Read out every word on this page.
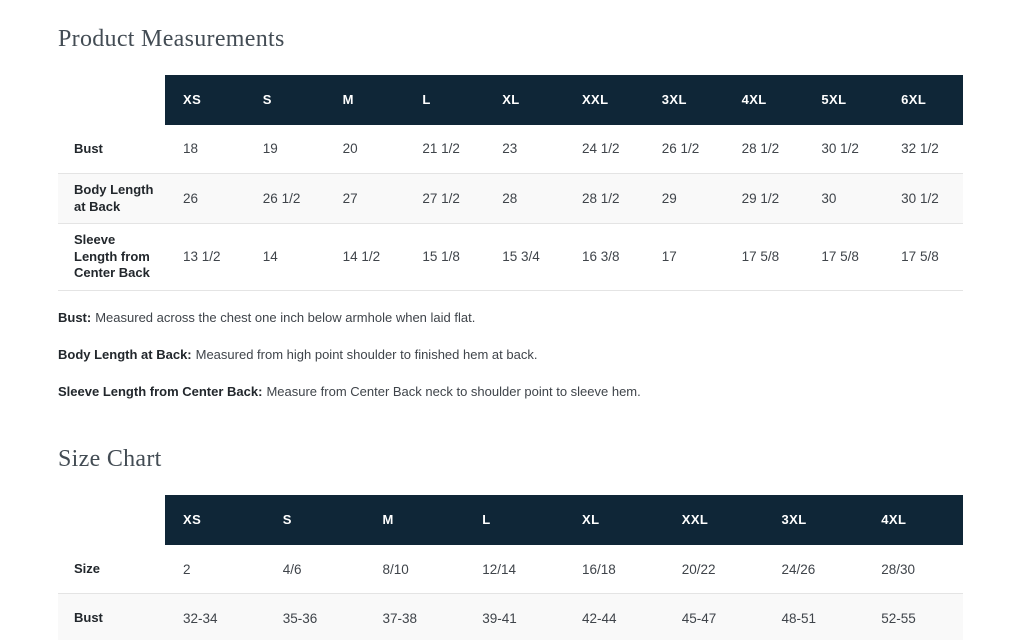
Product Measurements
	XS	S	M	L	XL	XXL	3XL	4XL	5XL	6XL
Bust	18	19	20	21 1/2	23	24 1/2	26 1/2	28 1/2	30 1/2	32 1/2
Body Length at Back	26	26 1/2	27	27 1/2	28	28 1/2	29	29 1/2	30	30 1/2
Sleeve Length from Center Back	13 1/2	14	14 1/2	15 1/8	15 3/4	16 3/8	17	17 5/8	17 5/8	17 5/8

Bust: Measured across the chest one inch below armhole when laid flat.

Body Length at Back: Measured from high point shoulder to finished hem at back.

Sleeve Length from Center Back: Measure from Center Back neck to shoulder point to sleeve hem.

Size Chart
	XS	S	M	L	XL	XXL	3XL	4XL
Size	2	4/6	8/10	12/14	16/18	20/22	24/26	28/30
Bust	32-34	35-36	37-38	39-41	42-44	45-47	48-51	52-55
